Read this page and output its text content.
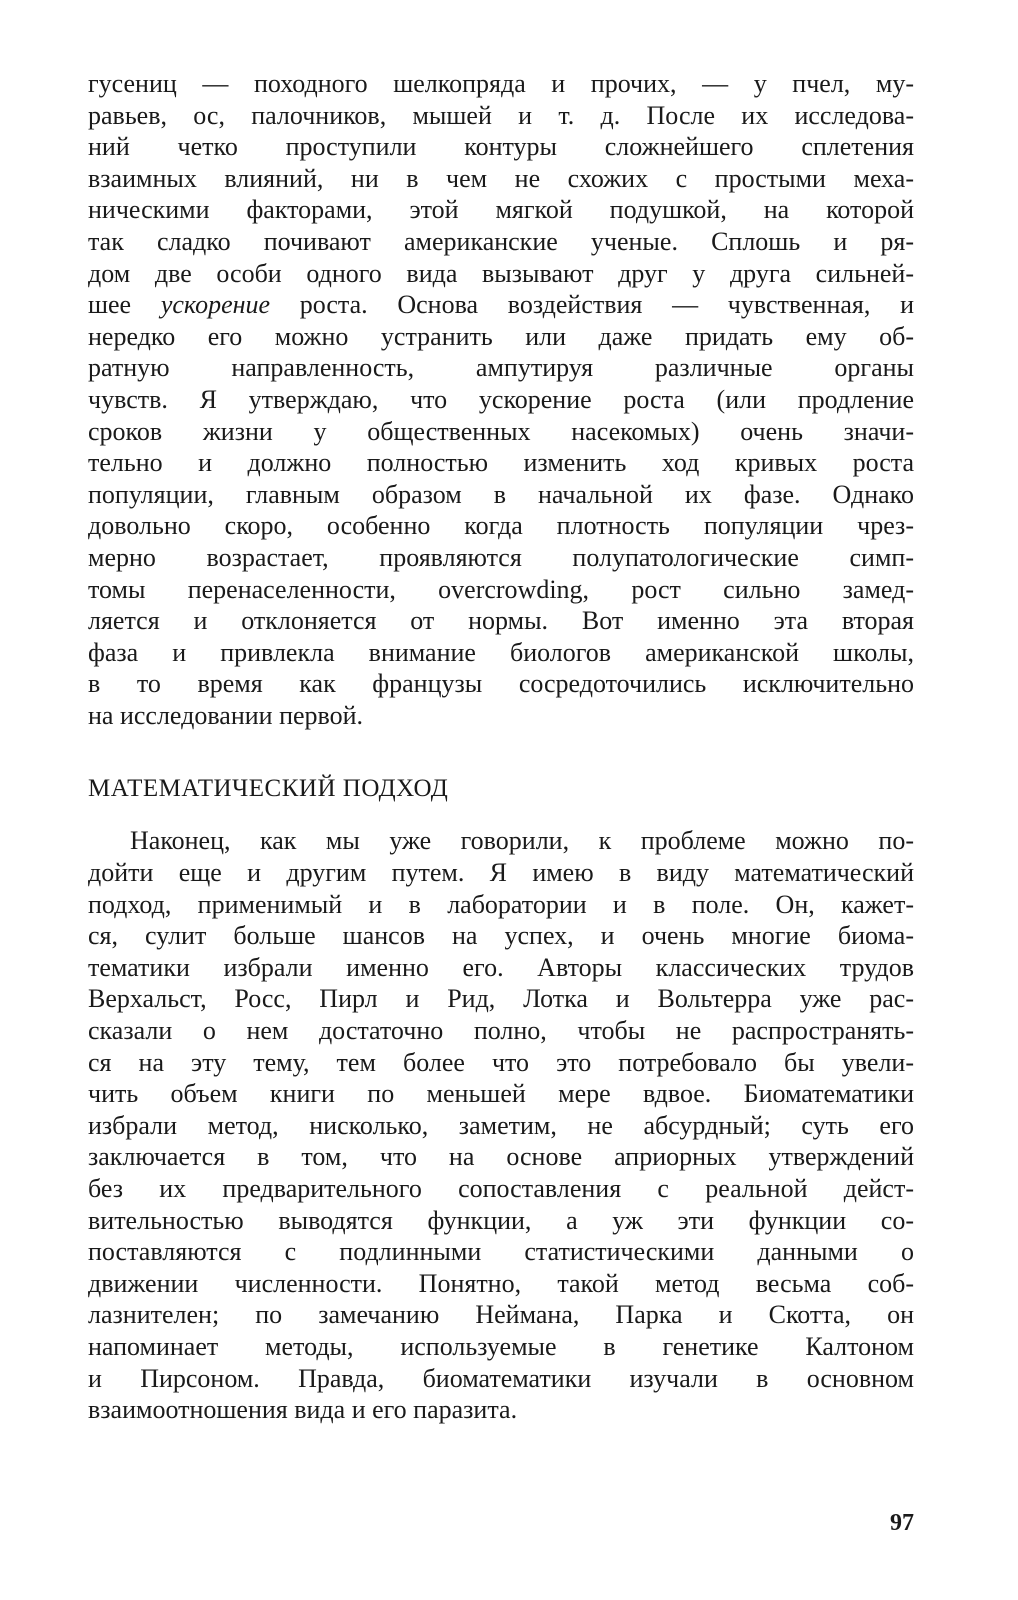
гусениц — походного шелкопряда и прочих, — у пчел, му-
равьев, ос, палочников, мышей и т. д. После их исследова-
ний четко проступили контуры сложнейшего сплетения
взаимных влияний, ни в чем не схожих с простыми меха-
ническими факторами, этой мягкой подушкой, на которой
так сладко почивают американские ученые. Сплошь и ря-
дом две особи одного вида вызывают друг у друга сильней-
шее ускорение роста. Основа воздействия — чувственная, и
нередко его можно устранить или даже придать ему об-
ратную направленность, ампутируя различные органы
чувств. Я утверждаю, что ускорение роста (или продление
сроков жизни у общественных насекомых) очень значи-
тельно и должно полностью изменить ход кривых роста
популяции, главным образом в начальной их фазе. Однако
довольно скоро, особенно когда плотность популяции чрез-
мерно возрастает, проявляются полупатологические симп-
томы перенаселенности, overcrowding, рост сильно замед-
ляется и отклоняется от нормы. Вот именно эта вторая
фаза и привлекла внимание биологов американской школы,
в то время как французы сосредоточились исключительно
на исследовании первой.
МАТЕМАТИЧЕСКИЙ ПОДХОД
Наконец, как мы уже говорили, к проблеме можно по-
дойти еще и другим путем. Я имею в виду математический
подход, применимый и в лаборатории и в поле. Он, кажет-
ся, сулит больше шансов на успех, и очень многие биома-
тематики избрали именно его. Авторы классических трудов
Верхальст, Росс, Пирл и Рид, Лотка и Вольтерра уже рас-
сказали о нем достаточно полно, чтобы не распространять-
ся на эту тему, тем более что это потребовало бы увели-
чить объем книги по меньшей мере вдвое. Биоматематики
избрали метод, нисколько, заметим, не абсурдный; суть его
заключается в том, что на основе априорных утверждений
без их предварительного сопоставления с реальной дейст-
вительностью выводятся функции, а уж эти функции со-
поставляются с подлинными статистическими данными о
движении численности. Понятно, такой метод весьма соб-
лазнителен; по замечанию Неймана, Парка и Скотта, он
напоминает методы, используемые в генетике Калтоном
и Пирсоном. Правда, биоматематики изучали в основном
взаимоотношения вида и его паразита.
97
